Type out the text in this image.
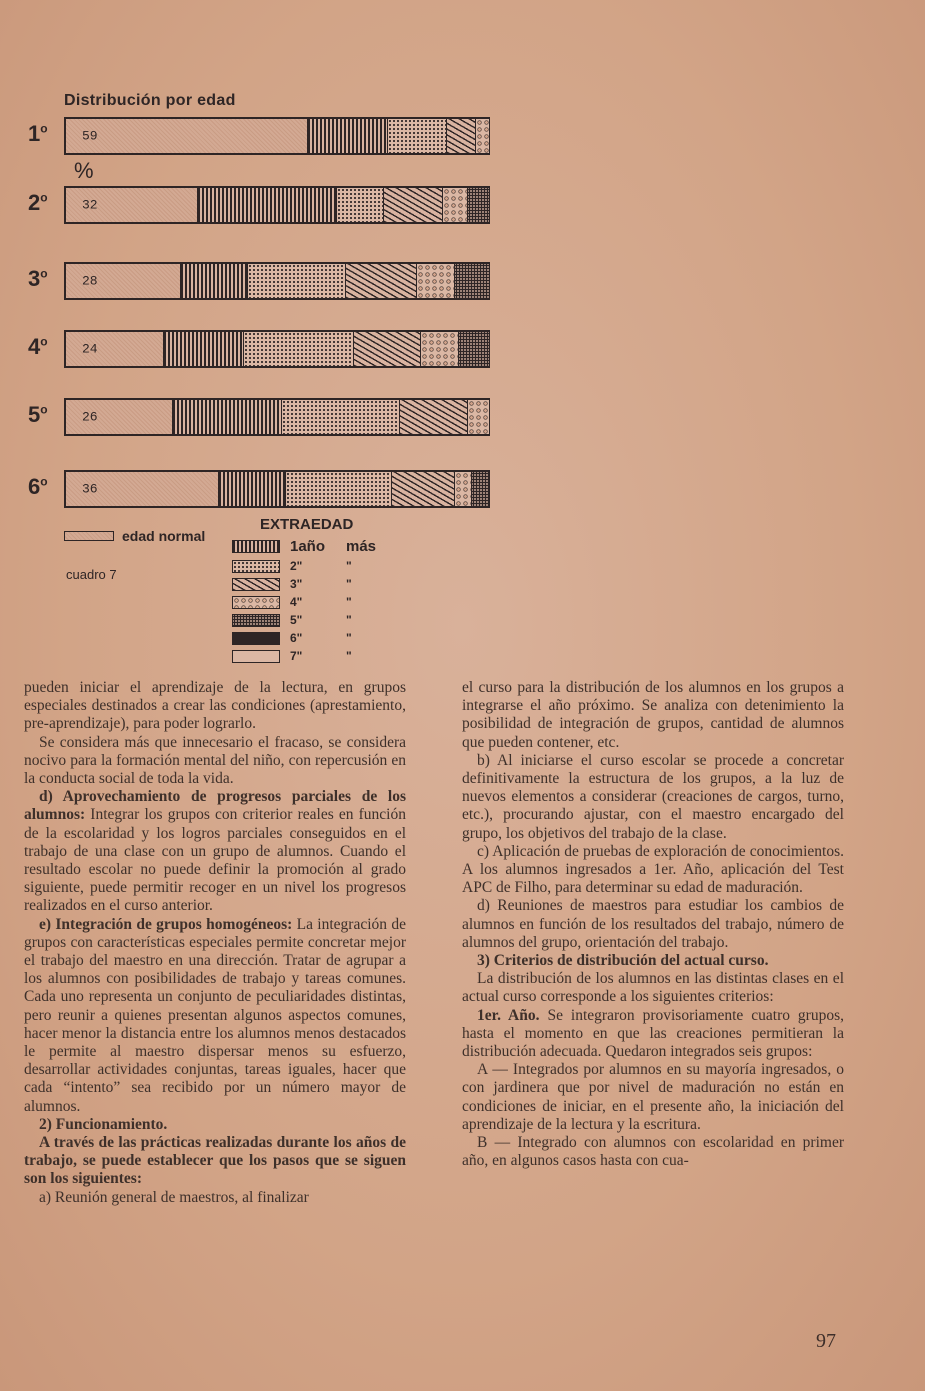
Distribución por edad
%
1$^o$	59
2$^o$	32
3$^o$	28
4$^o$	24
5$^o$	26
6$^o$	36
edad normal
cuadro 7
EXTRAEDAD
1año	más
2"	"
3"	"
4"	"
5"	"
6"	"
7"	"

pueden iniciar el aprendizaje de la lectura, en grupos especiales destinados a crear las condiciones (aprestamiento, pre-aprendizaje), para poder lograrlo.

Se considera más que innecesario el fracaso, se considera nocivo para la formación mental del niño, con repercusión en la conducta social de toda la vida.

d) Aprovechamiento de progresos parciales de los alumnos: Integrar los grupos con criterior reales en función de la escolaridad y los logros parciales conseguidos en el trabajo de una clase con un grupo de alumnos. Cuando el resultado escolar no puede definir la promoción al grado siguiente, puede permitir recoger en un nivel los progresos realizados en el curso anterior.

e) Integración de grupos homogéneos: La integración de grupos con características especiales permite concretar mejor el trabajo del maestro en una dirección. Tratar de agrupar a los alumnos con posibilidades de trabajo y tareas comunes. Cada uno representa un conjunto de peculiaridades distintas, pero reunir a quienes presentan algunos aspectos comunes, hacer menor la distancia entre los alumnos menos destacados le permite al maestro dispersar menos su esfuerzo, desarrollar actividades conjuntas, tareas iguales, hacer que cada “intento” sea recibido por un número mayor de alumnos.

2) Funcionamiento.

A través de las prácticas realizadas durante los años de trabajo, se puede establecer que los pasos que se siguen son los siguientes:

a) Reunión general de maestros, al finalizar

el curso para la distribución de los alumnos en los grupos a integrarse el año próximo. Se analiza con detenimiento la posibilidad de integración de grupos, cantidad de alumnos que pueden contener, etc.

b) Al iniciarse el curso escolar se procede a concretar definitivamente la estructura de los grupos, a la luz de nuevos elementos a considerar (creaciones de cargos, turno, etc.), procurando ajustar, con el maestro encargado del grupo, los objetivos del trabajo de la clase.

c) Aplicación de pruebas de exploración de conocimientos. A los alumnos ingresados a 1er. Año, aplicación del Test APC de Filho, para determinar su edad de maduración.

d) Reuniones de maestros para estudiar los cambios de alumnos en función de los resultados del trabajo, número de alumnos del grupo, orientación del trabajo.

3) Criterios de distribución del actual curso.

La distribución de los alumnos en las distintas clases en el actual curso corresponde a los siguientes criterios:

1er. Año. Se integraron provisoriamente cuatro grupos, hasta el momento en que las creaciones permitieran la distribución adecuada. Quedaron integrados seis grupos:

A — Integrados por alumnos en su mayoría ingresados, o con jardinera que por nivel de maduración no están en condiciones de iniciar, en el presente año, la iniciación del aprendizaje de la lectura y la escritura.

B — Integrado con alumnos con escolaridad en primer año, en algunos casos hasta con cua-

97
